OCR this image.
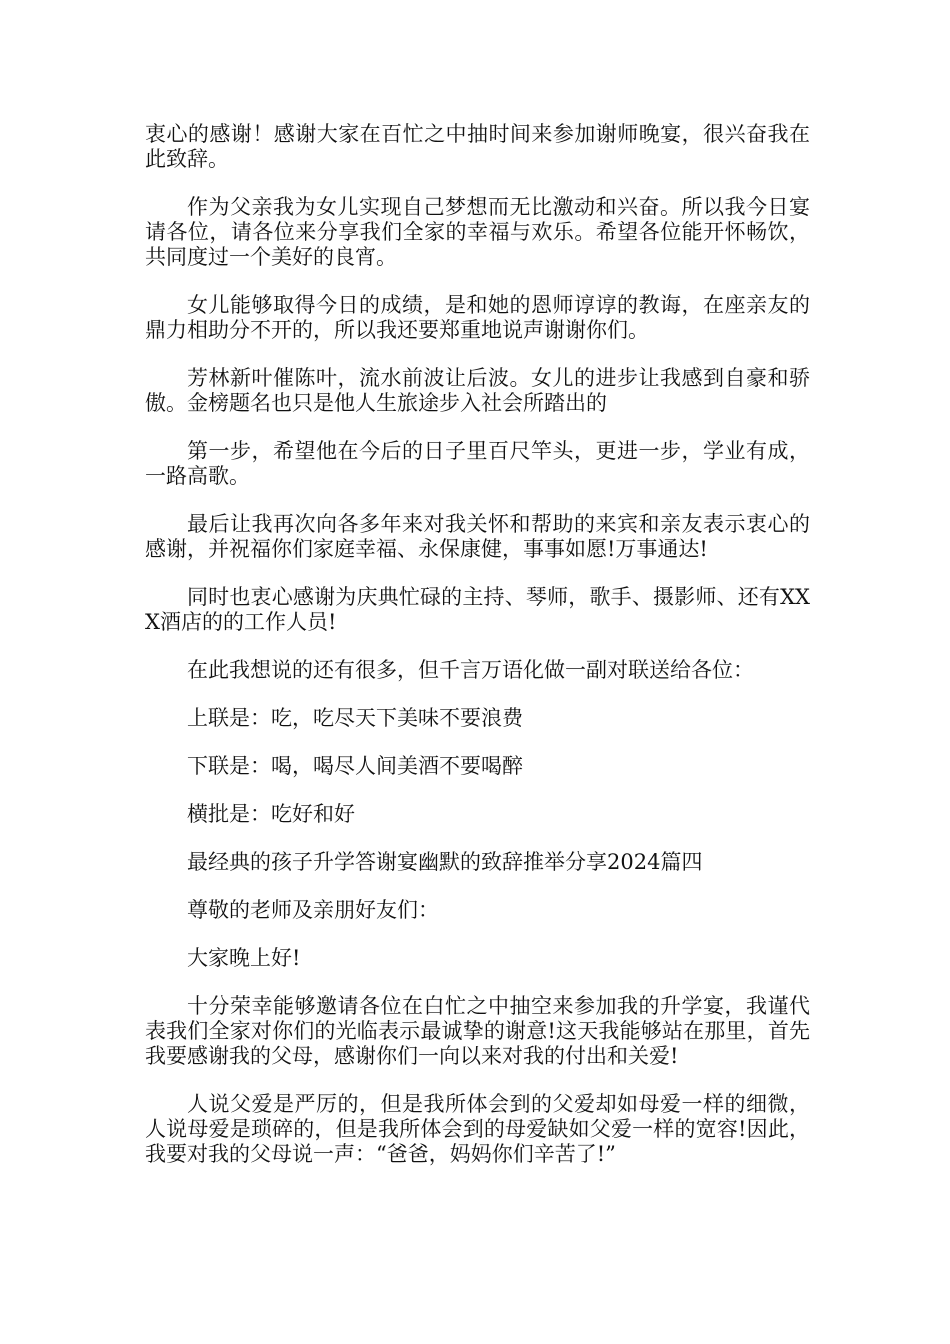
衷心的感谢！感谢大家在百忙之中抽时间来参加谢师晚宴，很兴奋我在此致辞。

作为父亲我为女儿实现自己梦想而无比激动和兴奋。所以我今日宴请各位，请各位来分享我们全家的幸福与欢乐。希望各位能开怀畅饮，共同度过一个美好的良宵。

女儿能够取得今日的成绩，是和她的恩师谆谆的教诲，在座亲友的鼎力相助分不开的，所以我还要郑重地说声谢谢你们。

芳林新叶催陈叶，流水前波让后波。女儿的进步让我感到自豪和骄傲。金榜题名也只是他人生旅途步入社会所踏出的

第一步，希望他在今后的日子里百尺竿头，更进一步，学业有成，一路高歌。

最后让我再次向各多年来对我关怀和帮助的来宾和亲友表示衷心的感谢，并祝福你们家庭幸福、永保康健，事事如愿!万事通达!

同时也衷心感谢为庆典忙碌的主持、琴师，歌手、摄影师、还有XXX酒店的的工作人员!

在此我想说的还有很多，但千言万语化做一副对联送给各位：

上联是：吃，吃尽天下美味不要浪费

下联是：喝，喝尽人间美酒不要喝醉

横批是：吃好和好

最经典的孩子升学答谢宴幽默的致辞推举分享2024篇四

尊敬的老师及亲朋好友们：

大家晚上好!

十分荣幸能够邀请各位在白忙之中抽空来参加我的升学宴，我谨代表我们全家对你们的光临表示最诚挚的谢意!这天我能够站在那里，首先我要感谢我的父母，感谢你们一向以来对我的付出和关爱!

人说父爱是严厉的，但是我所体会到的父爱却如母爱一样的细微，人说母爱是琐碎的，但是我所体会到的母爱缺如父爱一样的宽容!因此，我要对我的父母说一声：“爸爸，妈妈你们辛苦了!”
